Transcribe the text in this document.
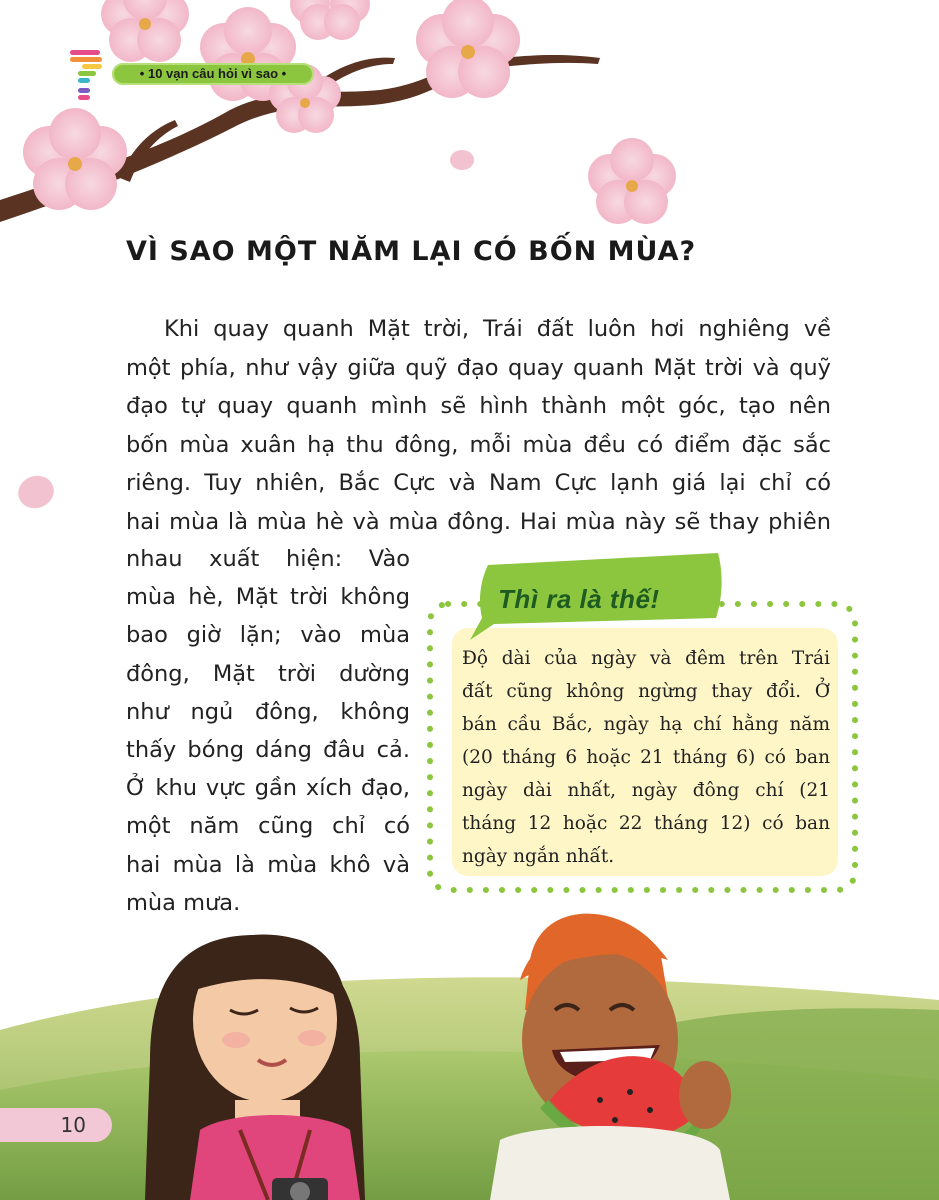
• 10 vạn câu hỏi vì sao •
VÌ SAO MỘT NĂM LẠI CÓ BỐN MÙA?
Khi quay quanh Mặt trời, Trái đất luôn hơi nghiêng về
một phía, như vậy giữa quỹ đạo quay quanh Mặt trời và quỹ
đạo tự quay quanh mình sẽ hình thành một góc, tạo nên
bốn mùa xuân hạ thu đông, mỗi mùa đều có điểm đặc sắc
riêng. Tuy nhiên, Bắc Cực và Nam Cực lạnh giá lại chỉ có
hai mùa là mùa hè và mùa đông. Hai mùa này sẽ thay phiên
nhau xuất hiện: Vào
mùa hè, Mặt trời không
bao giờ lặn; vào mùa
đông, Mặt trời dường
như ngủ đông, không
thấy bóng dáng đâu cả.
Ở khu vực gần xích đạo,
một năm cũng chỉ có
hai mùa là mùa khô và
mùa mưa.
Thì ra là thế!
Độ dài của ngày và đêm trên Trái
đất cũng không ngừng thay đổi. Ở
bán cầu Bắc, ngày hạ chí hằng năm
(20 tháng 6 hoặc 21 tháng 6) có ban
ngày dài nhất, ngày đông chí (21
tháng 12 hoặc 22 tháng 12) có ban
ngày ngắn nhất.
10
